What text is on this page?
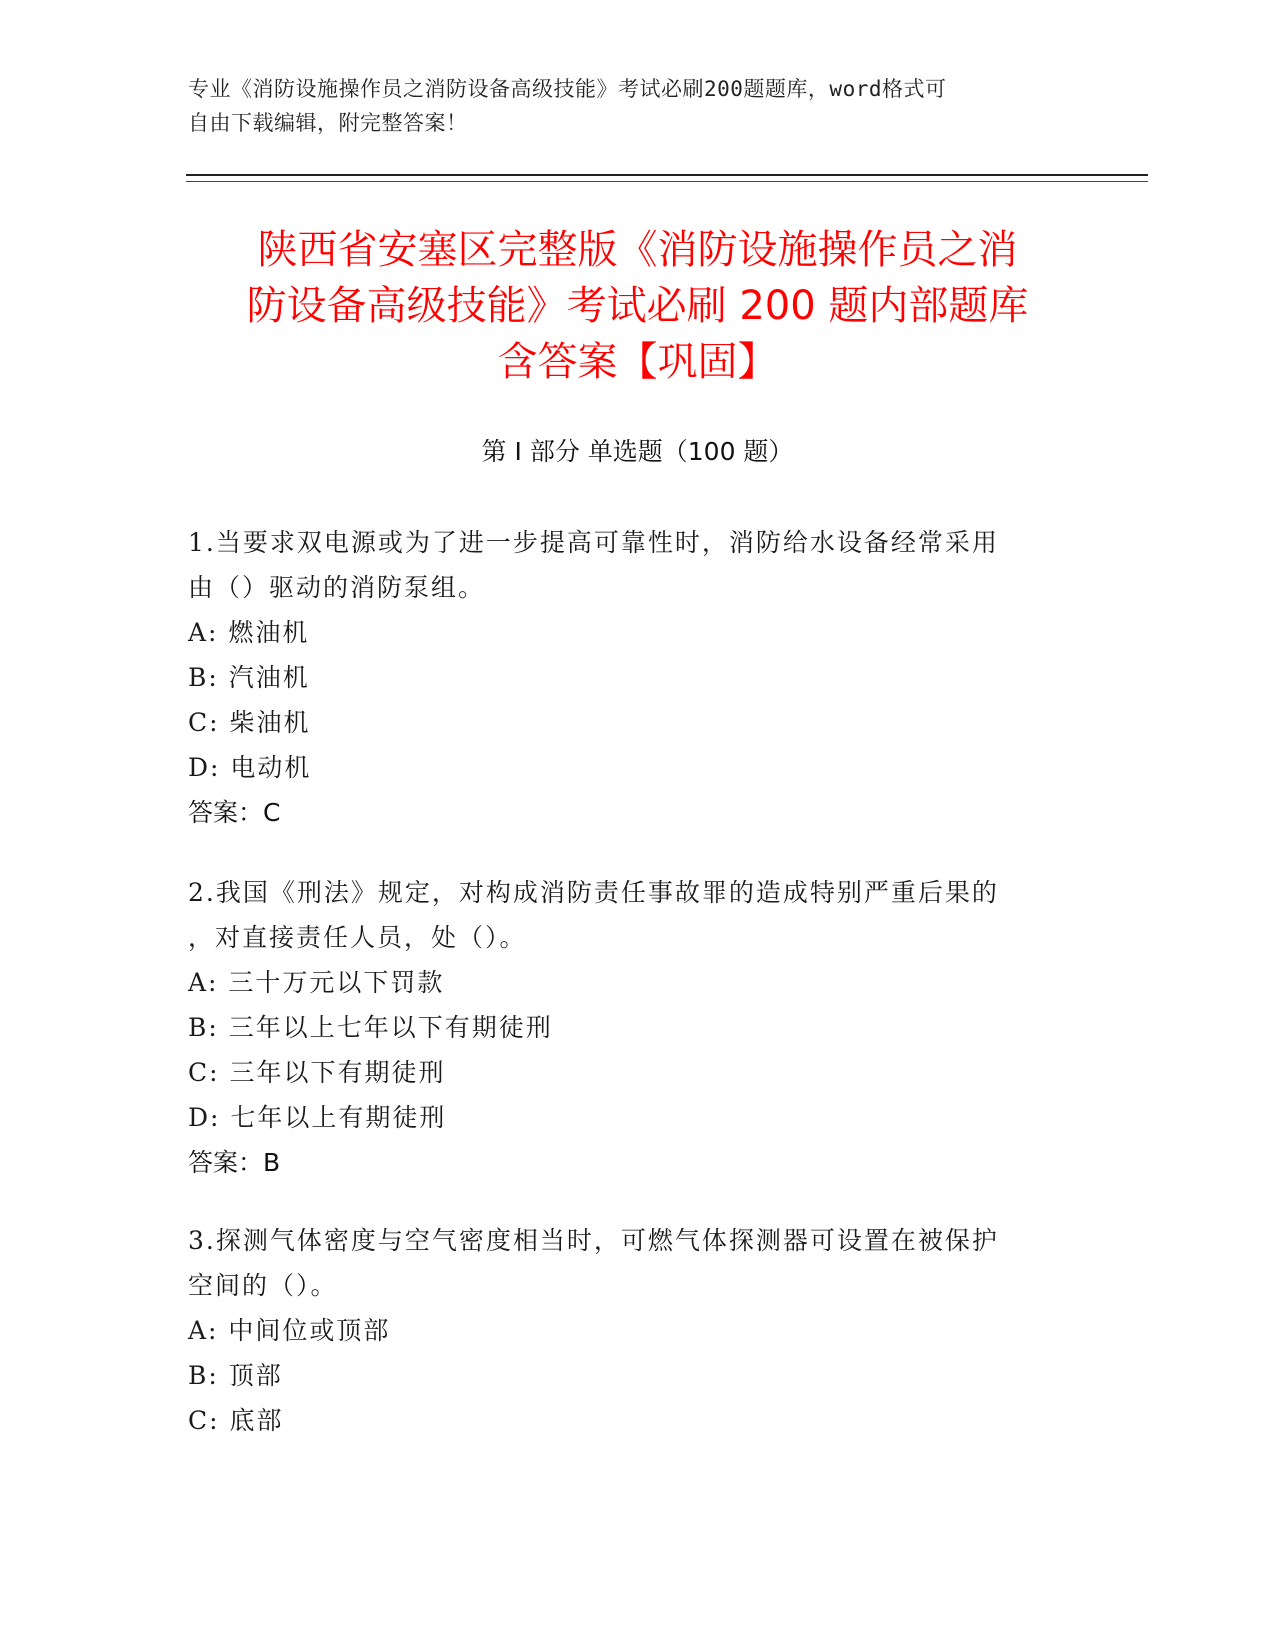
专业《消防设施操作员之消防设备高级技能》考试必刷200题题库，word格式可
自由下载编辑，附完整答案！
陕西省安塞区完整版《消防设施操作员之消
防设备高级技能》考试必刷 200 题内部题库
含答案【巩固】
第 I 部分 单选题（100 题）

1.当要求双电源或为了进一步提高可靠性时，消防给水设备经常采用
由（）驱动的消防泵组。

A: 燃油机

B: 汽油机

C: 柴油机

D: 电动机

答案：C

2.我国《刑法》规定，对构成消防责任事故罪的造成特别严重后果的
，对直接责任人员，处（）。

A: 三十万元以下罚款

B: 三年以上七年以下有期徒刑

C: 三年以下有期徒刑

D: 七年以上有期徒刑

答案：B

3.探测气体密度与空气密度相当时，可燃气体探测器可设置在被保护
空间的（）。

A: 中间位或顶部

B: 顶部

C: 底部
